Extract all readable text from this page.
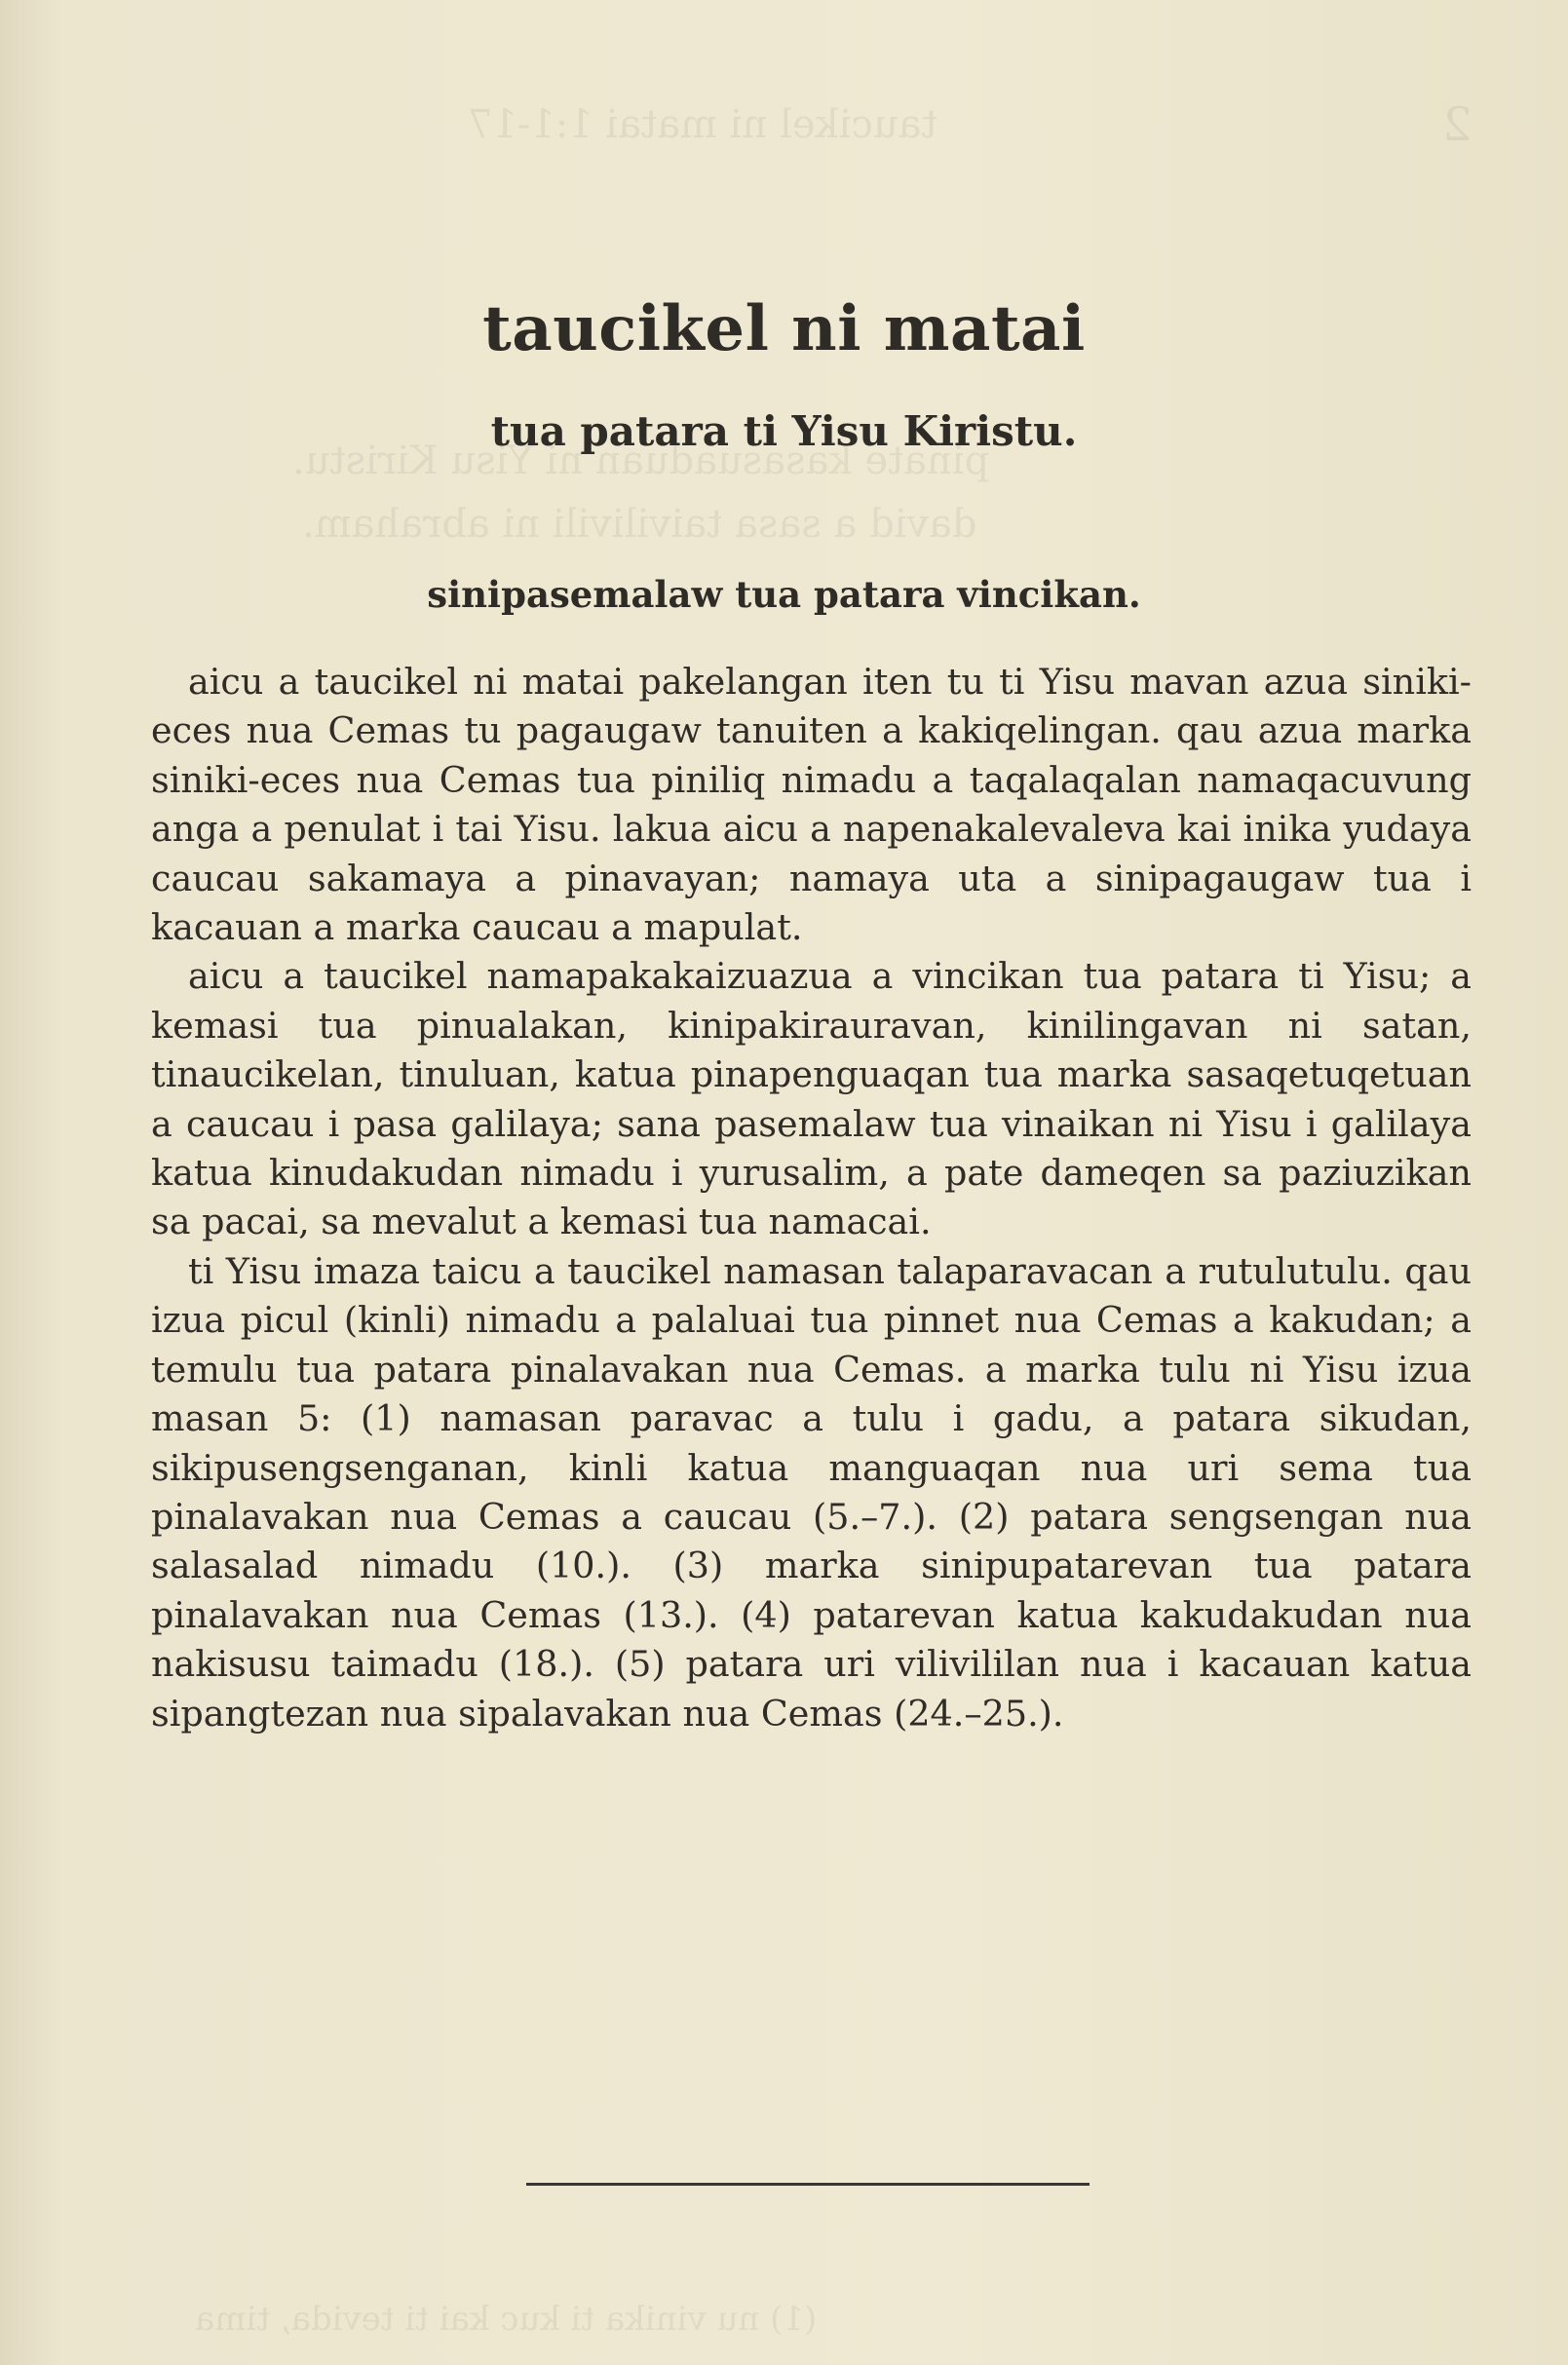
2
taucikel ni matai 1:1-17
pinate kasasuaduan ni Yisu Kiristu.
david a sasa taivilivili ni abraham.
(1) nu vinika ti kuc kai ti tevida, tima
taucikel ni matai
tua patara ti Yisu Kiristu.
sinipasemalaw tua patara vincikan.

aicu a taucikel ni matai pakelangan iten tu ti Yisu mavan azua siniki-eces nua Cemas tu pagaugaw tanuiten a kakiqelingan. qau azua marka siniki-eces nua Cemas tua piniliq nimadu a taqalaqalan namaqacuvung anga a penulat i tai Yisu. lakua aicu a napenakalevaleva kai inika yudaya caucau sakamaya a pinavayan; namaya uta a sinipagaugaw tua i kacauan a marka caucau a mapulat.

aicu a taucikel namapakakaizuazua a vincikan tua patara ti Yisu; a kemasi tua pinualakan, kinipakirauravan, kinilingavan ni satan, tinaucikelan, tinuluan, katua pinapenguaqan tua marka sasaqetuqetuan a caucau i pasa galilaya; sana pasemalaw tua vinaikan ni Yisu i galilaya katua kinudakudan nimadu i yurusalim, a pate dameqen sa paziuzikan sa pacai, sa mevalut a kemasi tua namacai.

ti Yisu imaza taicu a taucikel namasan talaparavacan a rutulutulu. qau izua picul (kinli) nimadu a palaluai tua pinnet nua Cemas a kakudan; a temulu tua patara pinalavakan nua Cemas. a marka tulu ni Yisu izua masan 5: (1) namasan paravac a tulu i gadu, a patara sikudan, sikipusengsenganan, kinli katua manguaqan nua uri sema tua pinalavakan nua Cemas a caucau (5.–7.). (2) patara sengsengan nua salasalad nimadu (10.). (3) marka sinipupatarevan tua patara pinalavakan nua Cemas (13.). (4) patarevan katua kakudakudan nua nakisusu taimadu (18.). (5) patara uri vilivililan nua i kacauan katua sipangtezan nua sipalavakan nua Cemas (24.–25.).
